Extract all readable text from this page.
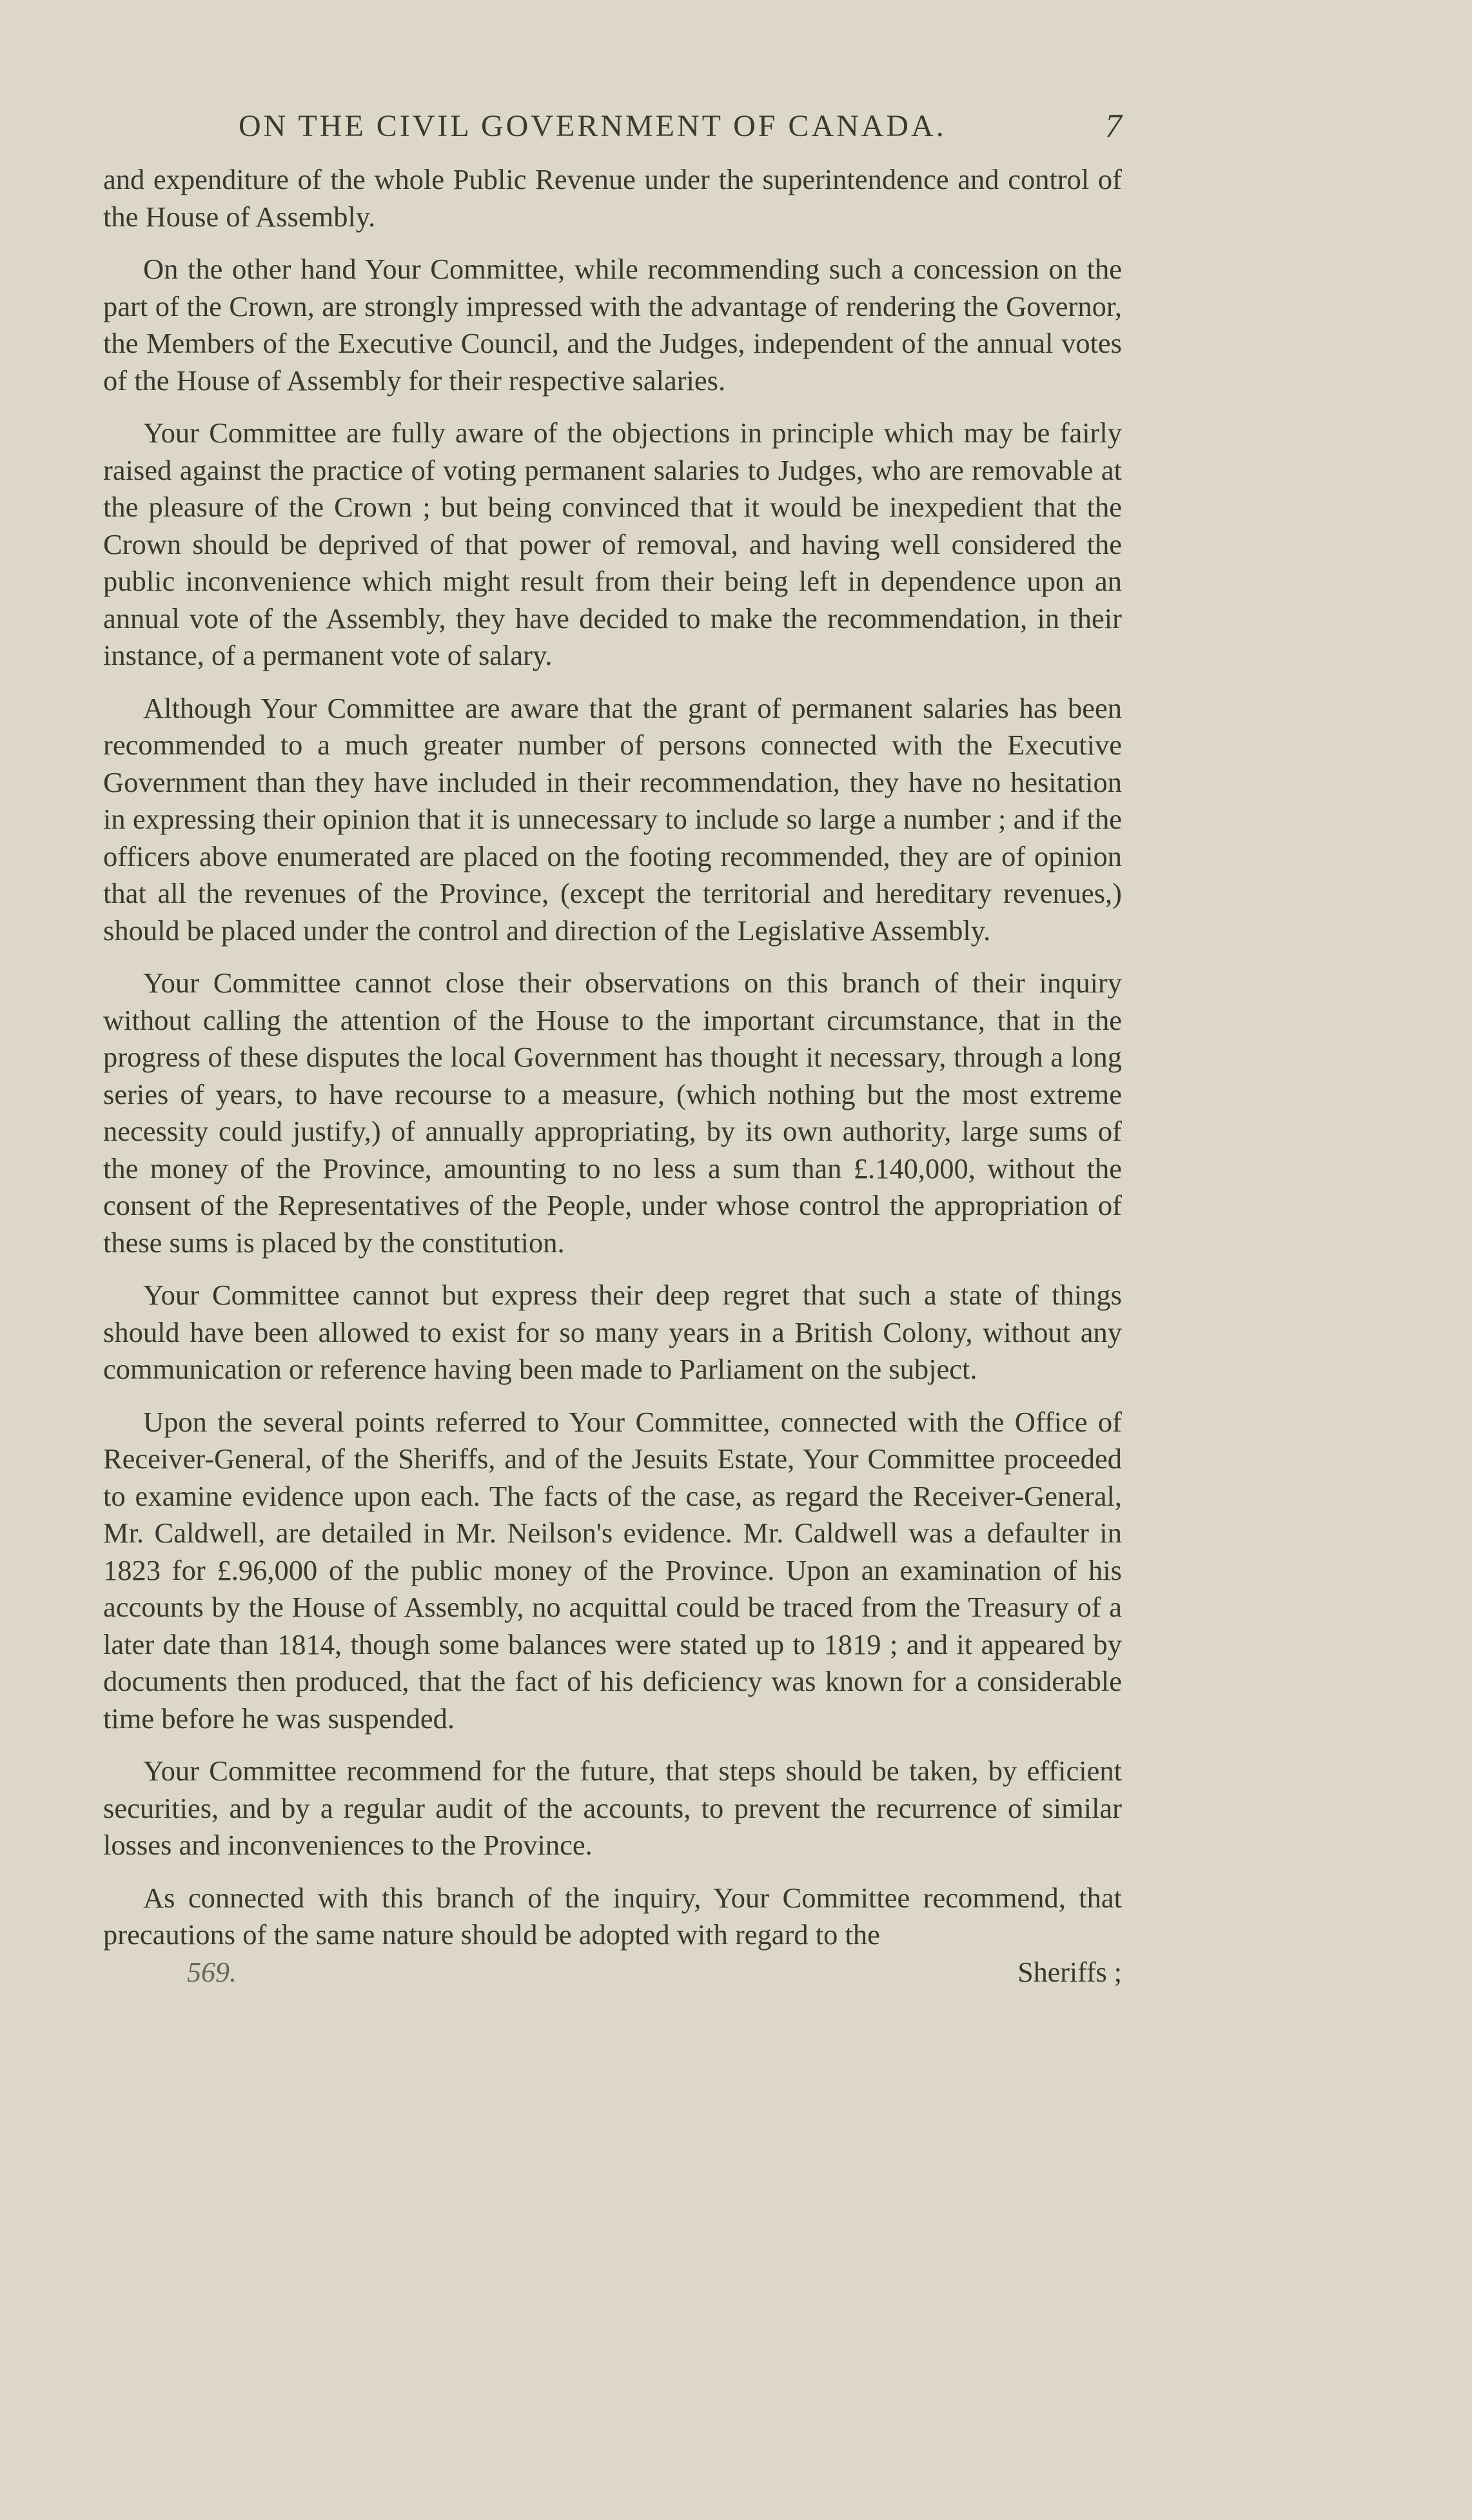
ON THE CIVIL GOVERNMENT OF CANADA.	7

and expenditure of the whole Public Revenue under the superintendence and control of the House of Assembly.

On the other hand Your Committee, while recommending such a concession on the part of the Crown, are strongly impressed with the advantage of rendering the Governor, the Members of the Executive Council, and the Judges, independent of the annual votes of the House of Assembly for their respective salaries.

Your Committee are fully aware of the objections in principle which may be fairly raised against the practice of voting permanent salaries to Judges, who are removable at the pleasure of the Crown ; but being convinced that it would be inexpedient that the Crown should be deprived of that power of removal, and having well considered the public inconvenience which might result from their being left in dependence upon an annual vote of the Assembly, they have decided to make the recommendation, in their instance, of a permanent vote of salary.

Although Your Committee are aware that the grant of permanent salaries has been recommended to a much greater number of persons connected with the Executive Government than they have included in their recommendation, they have no hesitation in expressing their opinion that it is unnecessary to include so large a number ; and if the officers above enumerated are placed on the footing recommended, they are of opinion that all the revenues of the Province, (except the territorial and hereditary revenues,) should be placed under the control and direction of the Legislative Assembly.

Your Committee cannot close their observations on this branch of their inquiry without calling the attention of the House to the important circumstance, that in the progress of these disputes the local Government has thought it necessary, through a long series of years, to have recourse to a measure, (which nothing but the most extreme necessity could justify,) of annually appropriating, by its own authority, large sums of the money of the Province, amounting to no less a sum than £.140,000, without the consent of the Representatives of the People, under whose control the appropriation of these sums is placed by the constitution.

Your Committee cannot but express their deep regret that such a state of things should have been allowed to exist for so many years in a British Colony, without any communication or reference having been made to Parliament on the subject.

Upon the several points referred to Your Committee, connected with the Office of Receiver-General, of the Sheriffs, and of the Jesuits Estate, Your Committee proceeded to examine evidence upon each. The facts of the case, as regard the Receiver-General, Mr. Caldwell, are detailed in Mr. Neilson's evidence. Mr. Caldwell was a defaulter in 1823 for £.96,000 of the public money of the Province. Upon an examination of his accounts by the House of Assembly, no acquittal could be traced from the Treasury of a later date than 1814, though some balances were stated up to 1819 ; and it appeared by documents then produced, that the fact of his deficiency was known for a considerable time before he was suspended.

Your Committee recommend for the future, that steps should be taken, by efficient securities, and by a regular audit of the accounts, to prevent the recurrence of similar losses and inconveniences to the Province.

As connected with this branch of the inquiry, Your Committee recommend, that precautions of the same nature should be adopted with regard to the

569.	Sheriffs ;
